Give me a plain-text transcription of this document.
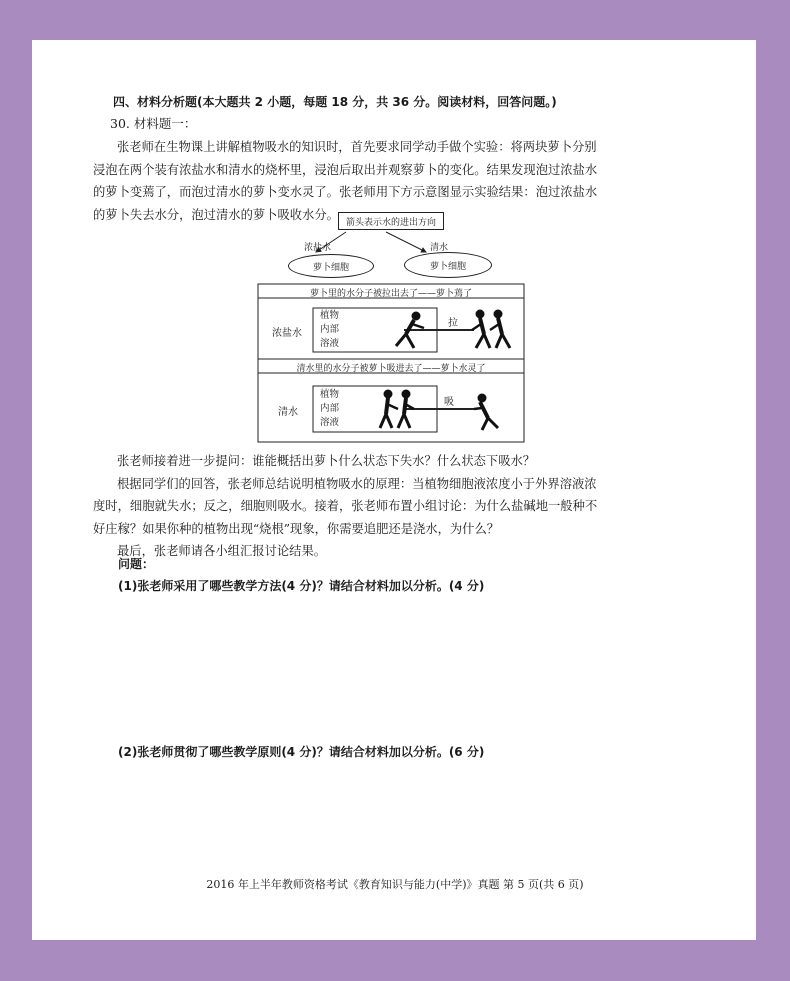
四、材料分析题(本大题共 2 小题，每题 18 分，共 36 分。阅读材料，回答问题。)
30. 材料题一：
张老师在生物课上讲解植物吸水的知识时，首先要求同学动手做个实验：将两块萝卜分别
浸泡在两个装有浓盐水和清水的烧杯里，浸泡后取出并观察萝卜的变化。结果发现泡过浓盐水
的萝卜变蔫了，而泡过清水的萝卜变水灵了。张老师用下方示意图显示实验结果：泡过浓盐水
的萝卜失去水分，泡过清水的萝卜吸收水分。
箭头表示水的进出方向
浓盐水	清水
萝卜细胞	萝卜细胞
萝卜里的水分子被拉出去了——萝卜蔫了
浓盐水
植物
内部
溶液
拉
清水里的水分子被萝卜吸进去了——萝卜水灵了
清水
植物
内部
溶液
吸
张老师接着进一步提问：谁能概括出萝卜什么状态下失水？什么状态下吸水？
根据同学们的回答，张老师总结说明植物吸水的原理：当植物细胞液浓度小于外界溶液浓
度时，细胞就失水；反之，细胞则吸水。接着，张老师布置小组讨论：为什么盐碱地一般种不
好庄稼？如果你种的植物出现“烧根”现象，你需要追肥还是浇水，为什么？
最后，张老师请各小组汇报讨论结果。
问题：
(1)张老师采用了哪些教学方法(4 分)？请结合材料加以分析。(4 分)
(2)张老师贯彻了哪些教学原则(4 分)？请结合材料加以分析。(6 分)
2016 年上半年教师资格考试《教育知识与能力(中学)》真题 第 5 页(共 6 页)
